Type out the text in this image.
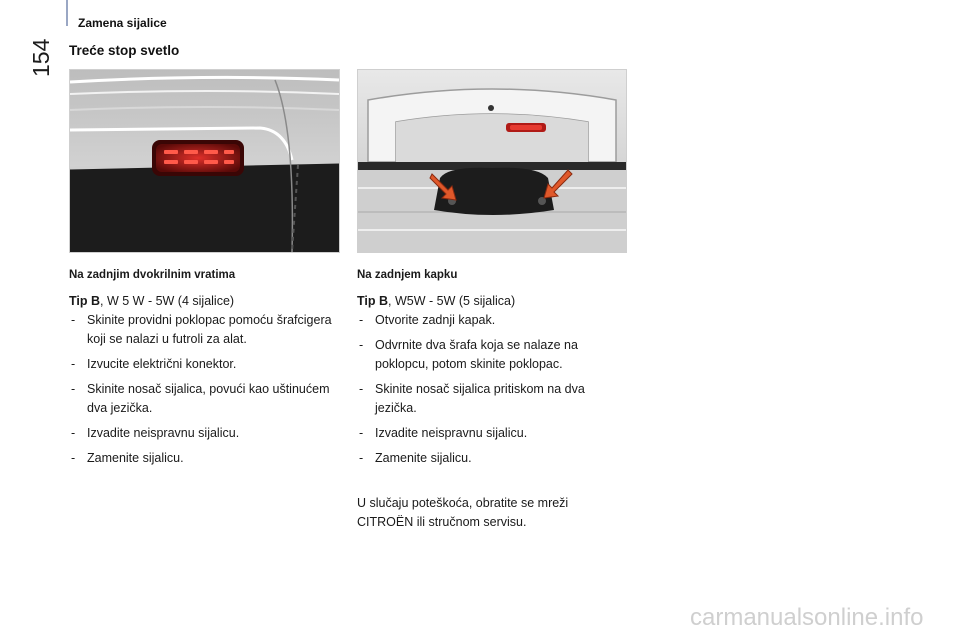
154
Zamena sijalice
Treće stop svetlo
Na zadnjim dvokrilnim vratima
Tip B, W 5 W - 5W (4 sijalice)
- Skinite providni poklopac pomoću šrafcigera koji se nalazi u futroli za alat.
- Izvucite električni konektor.
- Skinite nosač sijalica, povući kao uštinućem dva jezička.
- Izvadite neispravnu sijalicu.
- Zamenite sijalicu.
Na zadnjem kapku
Tip B, W5W - 5W (5 sijalica)
- Otvorite zadnji kapak.
- Odvrnite dva šrafa koja se nalaze na poklopcu, potom skinite poklopac.
- Skinite nosač sijalica pritiskom na dva jezička.
- Izvadite neispravnu sijalicu.
- Zamenite sijalicu.
U slučaju poteškoća, obratite se mreži CITROËN ili stručnom servisu.
carmanualsonline.info
